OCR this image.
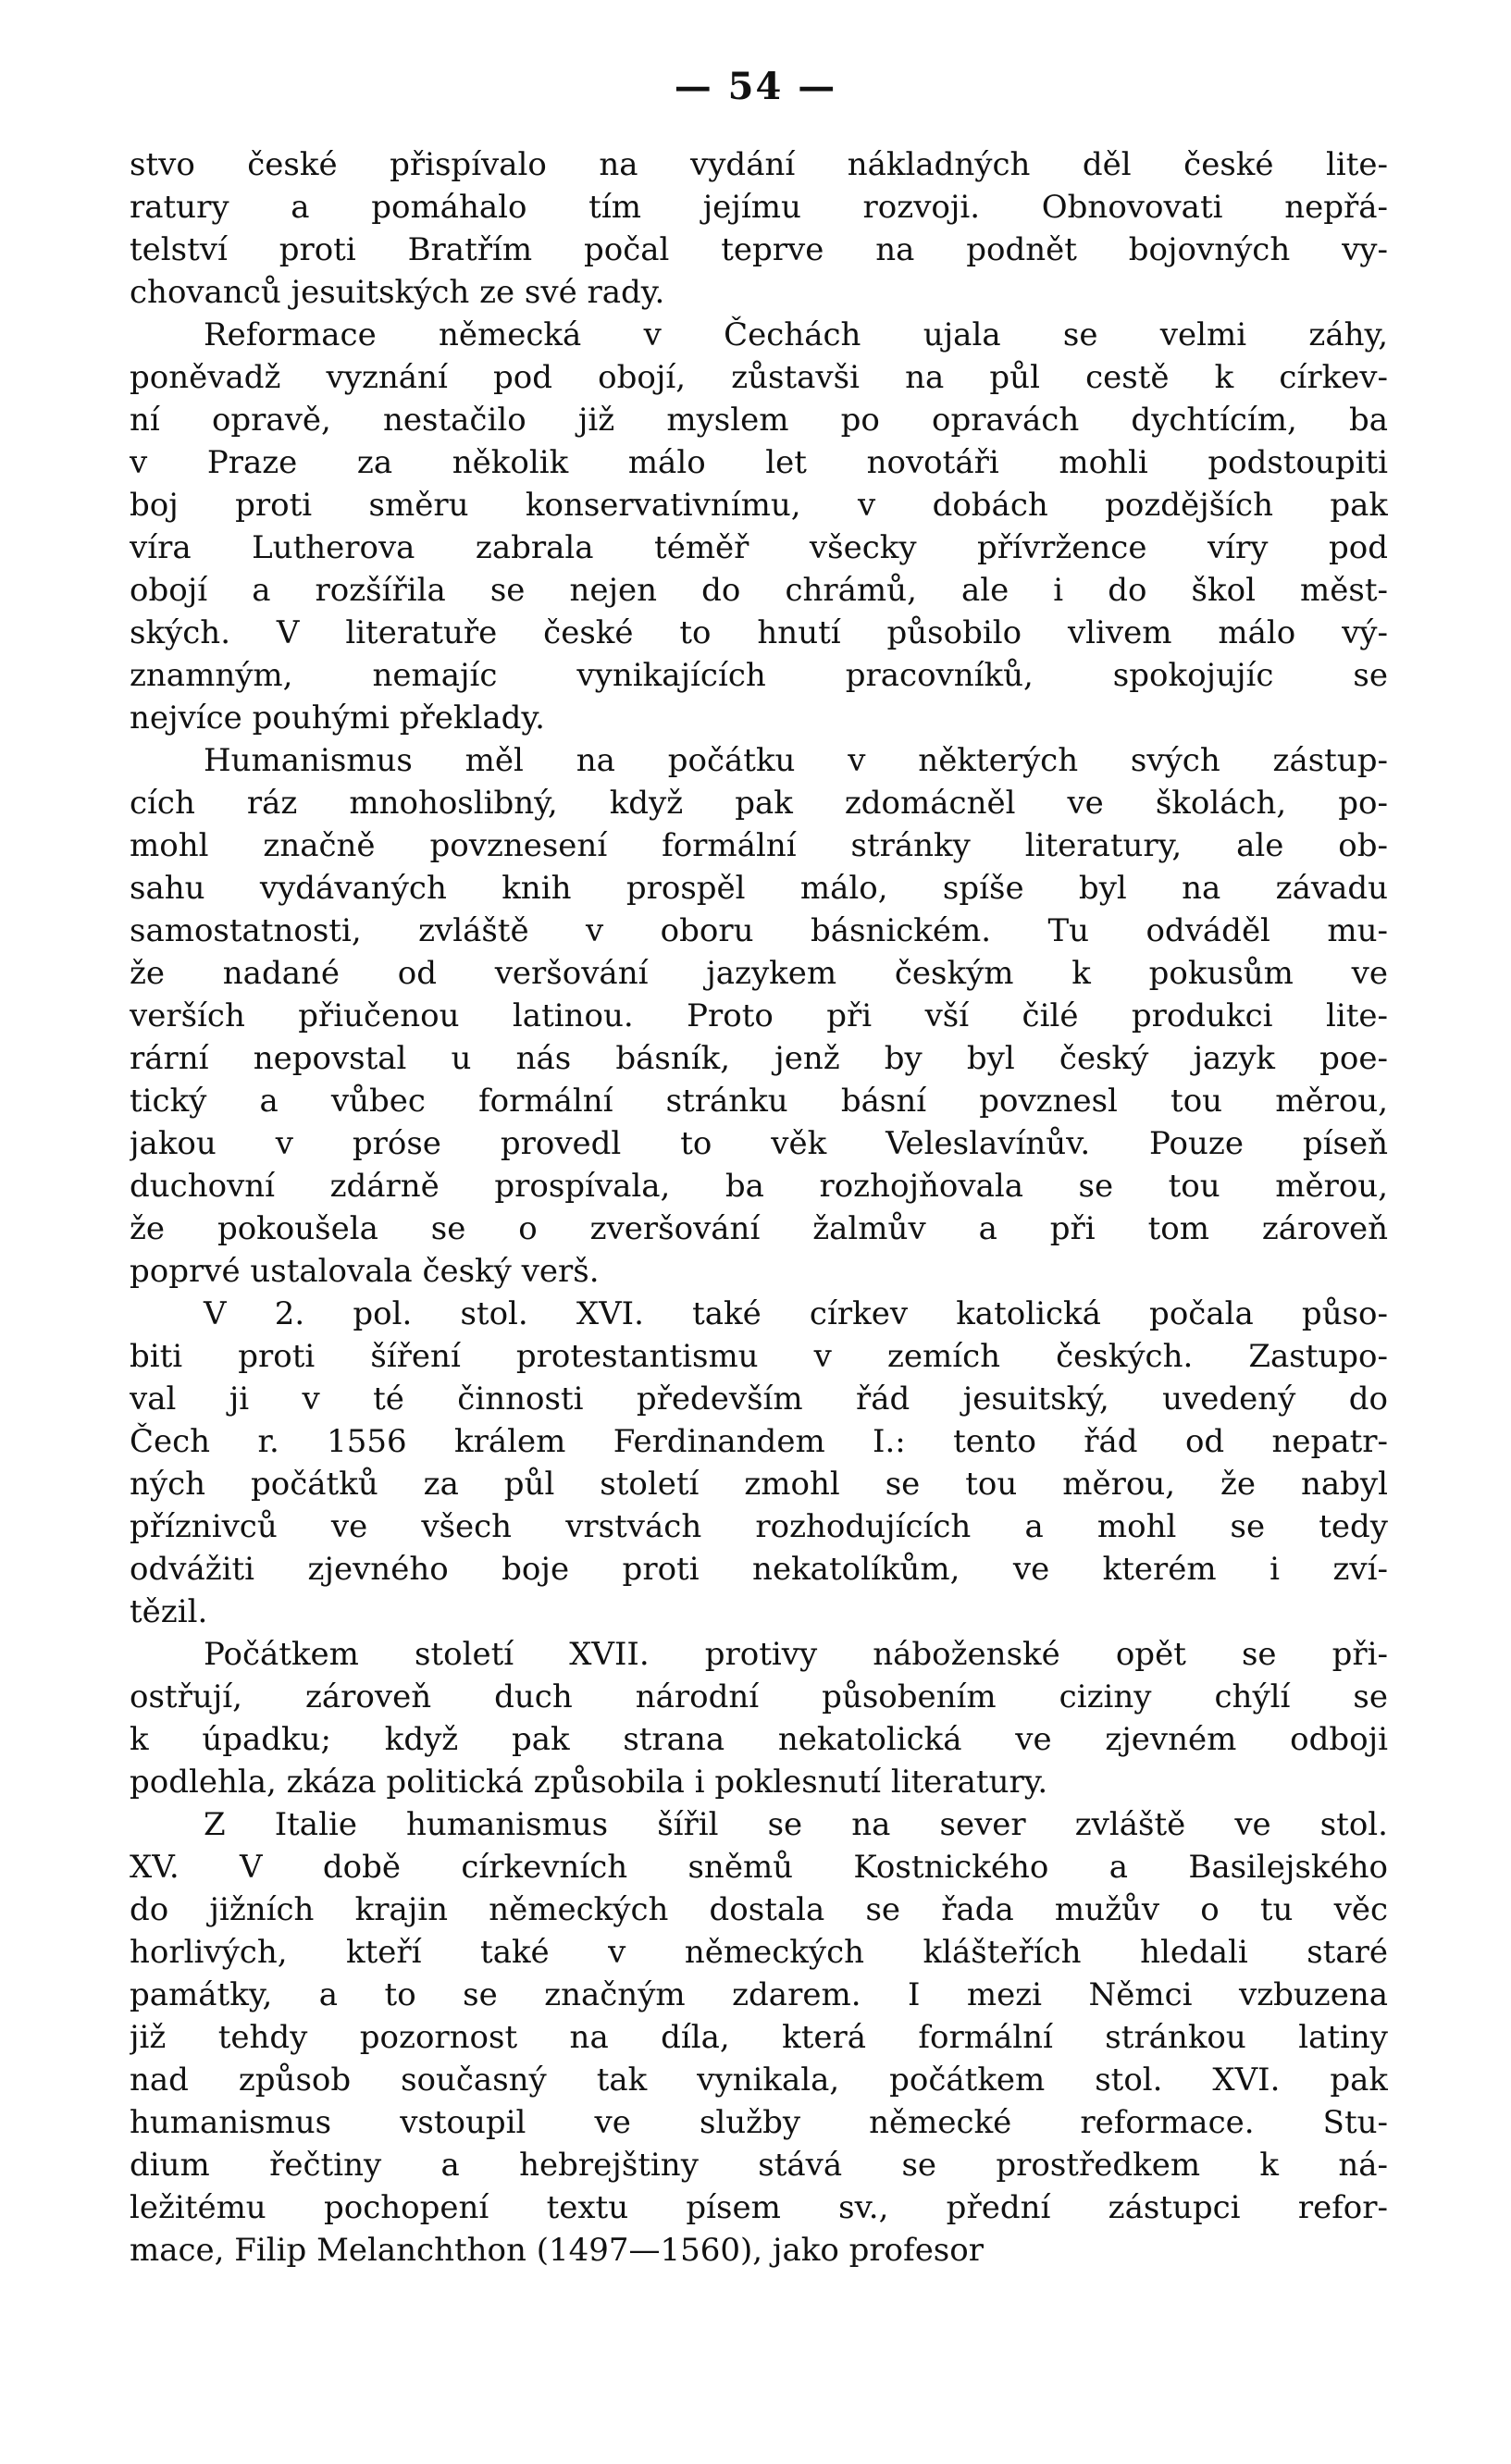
— 54 —
stvo české přispívalo na vydání nákladných děl české lite-
ratury a pomáhalo tím jejímu rozvoji. Obnovovati nepřá-
telství proti Bratřím počal teprve na podnět bojovných vy-
chovanců jesuitských ze své rady.
Reformace německá v Čechách ujala se velmi záhy,
poněvadž vyznání pod obojí, zůstavši na půl cestě k církev-
ní opravě, nestačilo již myslem po opravách dychtícím, ba
v Praze za několik málo let novotáři mohli podstoupiti
boj proti směru konservativnímu, v dobách pozdějších pak
víra Lutherova zabrala téměř všecky přívržence víry pod
obojí a rozšířila se nejen do chrámů, ale i do škol měst-
ských. V literatuře české to hnutí působilo vlivem málo vý-
znamným, nemajíc vynikajících pracovníků, spokojujíc se
nejvíce pouhými překlady.
Humanismus měl na počátku v některých svých zástup-
cích ráz mnohoslibný, když pak zdomácněl ve školách, po-
mohl značně povznesení formální stránky literatury, ale ob-
sahu vydávaných knih prospěl málo, spíše byl na závadu
samostatnosti, zvláště v oboru básnickém. Tu odváděl mu-
že nadané od veršování jazykem českým k pokusům ve
verších přiučenou latinou. Proto při vší čilé produkci lite-
rární nepovstal u nás básník, jenž by byl český jazyk poe-
tický a vůbec formální stránku básní povznesl tou měrou,
jakou v próse provedl to věk Veleslavínův. Pouze píseň
duchovní zdárně prospívala, ba rozhojňovala se tou měrou,
že pokoušela se o zveršování žalmův a při tom zároveň
poprvé ustalovala český verš.
V 2. pol. stol. XVI. také církev katolická počala půso-
biti proti šíření protestantismu v zemích českých. Zastupo-
val ji v té činnosti především řád jesuitský, uvedený do
Čech r. 1556 králem Ferdinandem I.: tento řád od nepatr-
ných počátků za půl století zmohl se tou měrou, že nabyl
příznivců ve všech vrstvách rozhodujících a mohl se tedy
odvážiti zjevného boje proti nekatolíkům, ve kterém i zví-
tězil.
Počátkem století XVII. protivy náboženské opět se při-
ostřují, zároveň duch národní působením ciziny chýlí se
k úpadku; když pak strana nekatolická ve zjevném odboji
podlehla, zkáza politická způsobila i poklesnutí literatury.
Z Italie humanismus šířil se na sever zvláště ve stol.
XV. V době církevních sněmů Kostnického a Basilejského
do jižních krajin německých dostala se řada mužův o tu věc
horlivých, kteří také v německých klášteřích hledali staré
památky, a to se značným zdarem. I mezi Němci vzbuzena
již tehdy pozornost na díla, která formální stránkou latiny
nad způsob současný tak vynikala, počátkem stol. XVI. pak
humanismus vstoupil ve služby německé reformace. Stu-
dium řečtiny a hebrejštiny stává se prostředkem k ná-
ležitému pochopení textu písem sv., přední zástupci refor-
mace, Filip Melanchthon (1497—1560), jako profesor
